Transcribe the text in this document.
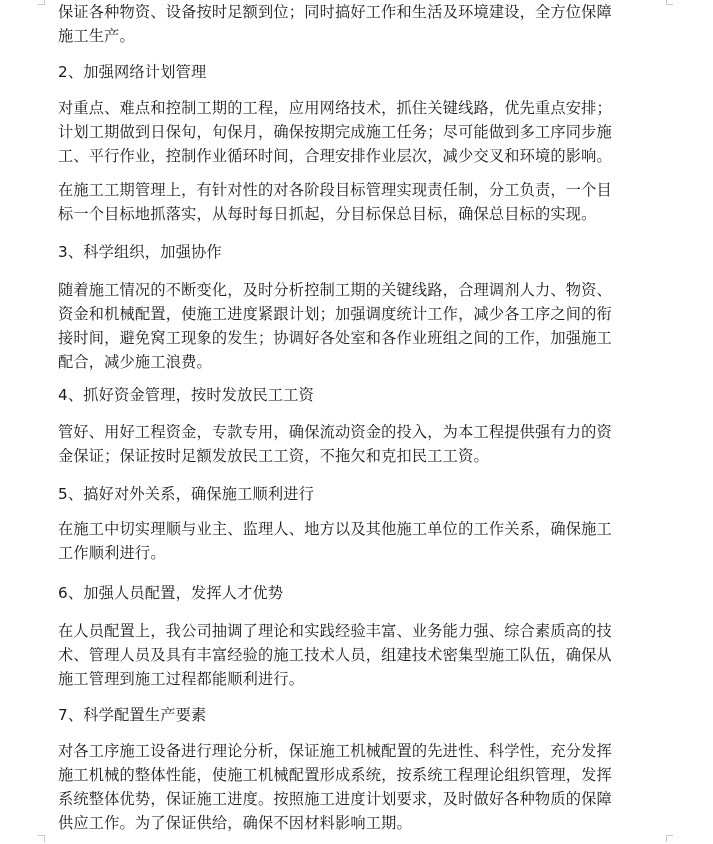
保证各种物资、设备按时足额到位；同时搞好工作和生活及环境建设，全方位保障
施工生产。

2、加强网络计划管理

对重点、难点和控制工期的工程，应用网络技术，抓住关键线路，优先重点安排；
计划工期做到日保旬，旬保月，确保按期完成施工任务；尽可能做到多工序同步施
工、平行作业，控制作业循环时间，合理安排作业层次，减少交叉和环境的影响。

在施工工期管理上，有针对性的对各阶段目标管理实现责任制，分工负责，一个目
标一个目标地抓落实，从每时每日抓起，分目标保总目标，确保总目标的实现。

3、科学组织，加强协作

随着施工情况的不断变化，及时分析控制工期的关键线路，合理调剂人力、物资、
资金和机械配置，使施工进度紧跟计划；加强调度统计工作，减少各工序之间的衔
接时间，避免窝工现象的发生；协调好各处室和各作业班组之间的工作，加强施工
配合，减少施工浪费。

4、抓好资金管理，按时发放民工工资

管好、用好工程资金，专款专用，确保流动资金的投入，为本工程提供强有力的资
金保证；保证按时足额发放民工工资，不拖欠和克扣民工工资。

5、搞好对外关系，确保施工顺利进行

在施工中切实理顺与业主、监理人、地方以及其他施工单位的工作关系，确保施工
工作顺利进行。

6、加强人员配置，发挥人才优势

在人员配置上，我公司抽调了理论和实践经验丰富、业务能力强、综合素质高的技
术、管理人员及具有丰富经验的施工技术人员，组建技术密集型施工队伍，确保从
施工管理到施工过程都能顺利进行。

7、科学配置生产要素

对各工序施工设备进行理论分析，保证施工机械配置的先进性、科学性，充分发挥
施工机械的整体性能，使施工机械配置形成系统，按系统工程理论组织管理，发挥
系统整体优势，保证施工进度。按照施工进度计划要求，及时做好各种物质的保障
供应工作。为了保证供给，确保不因材料影响工期。
